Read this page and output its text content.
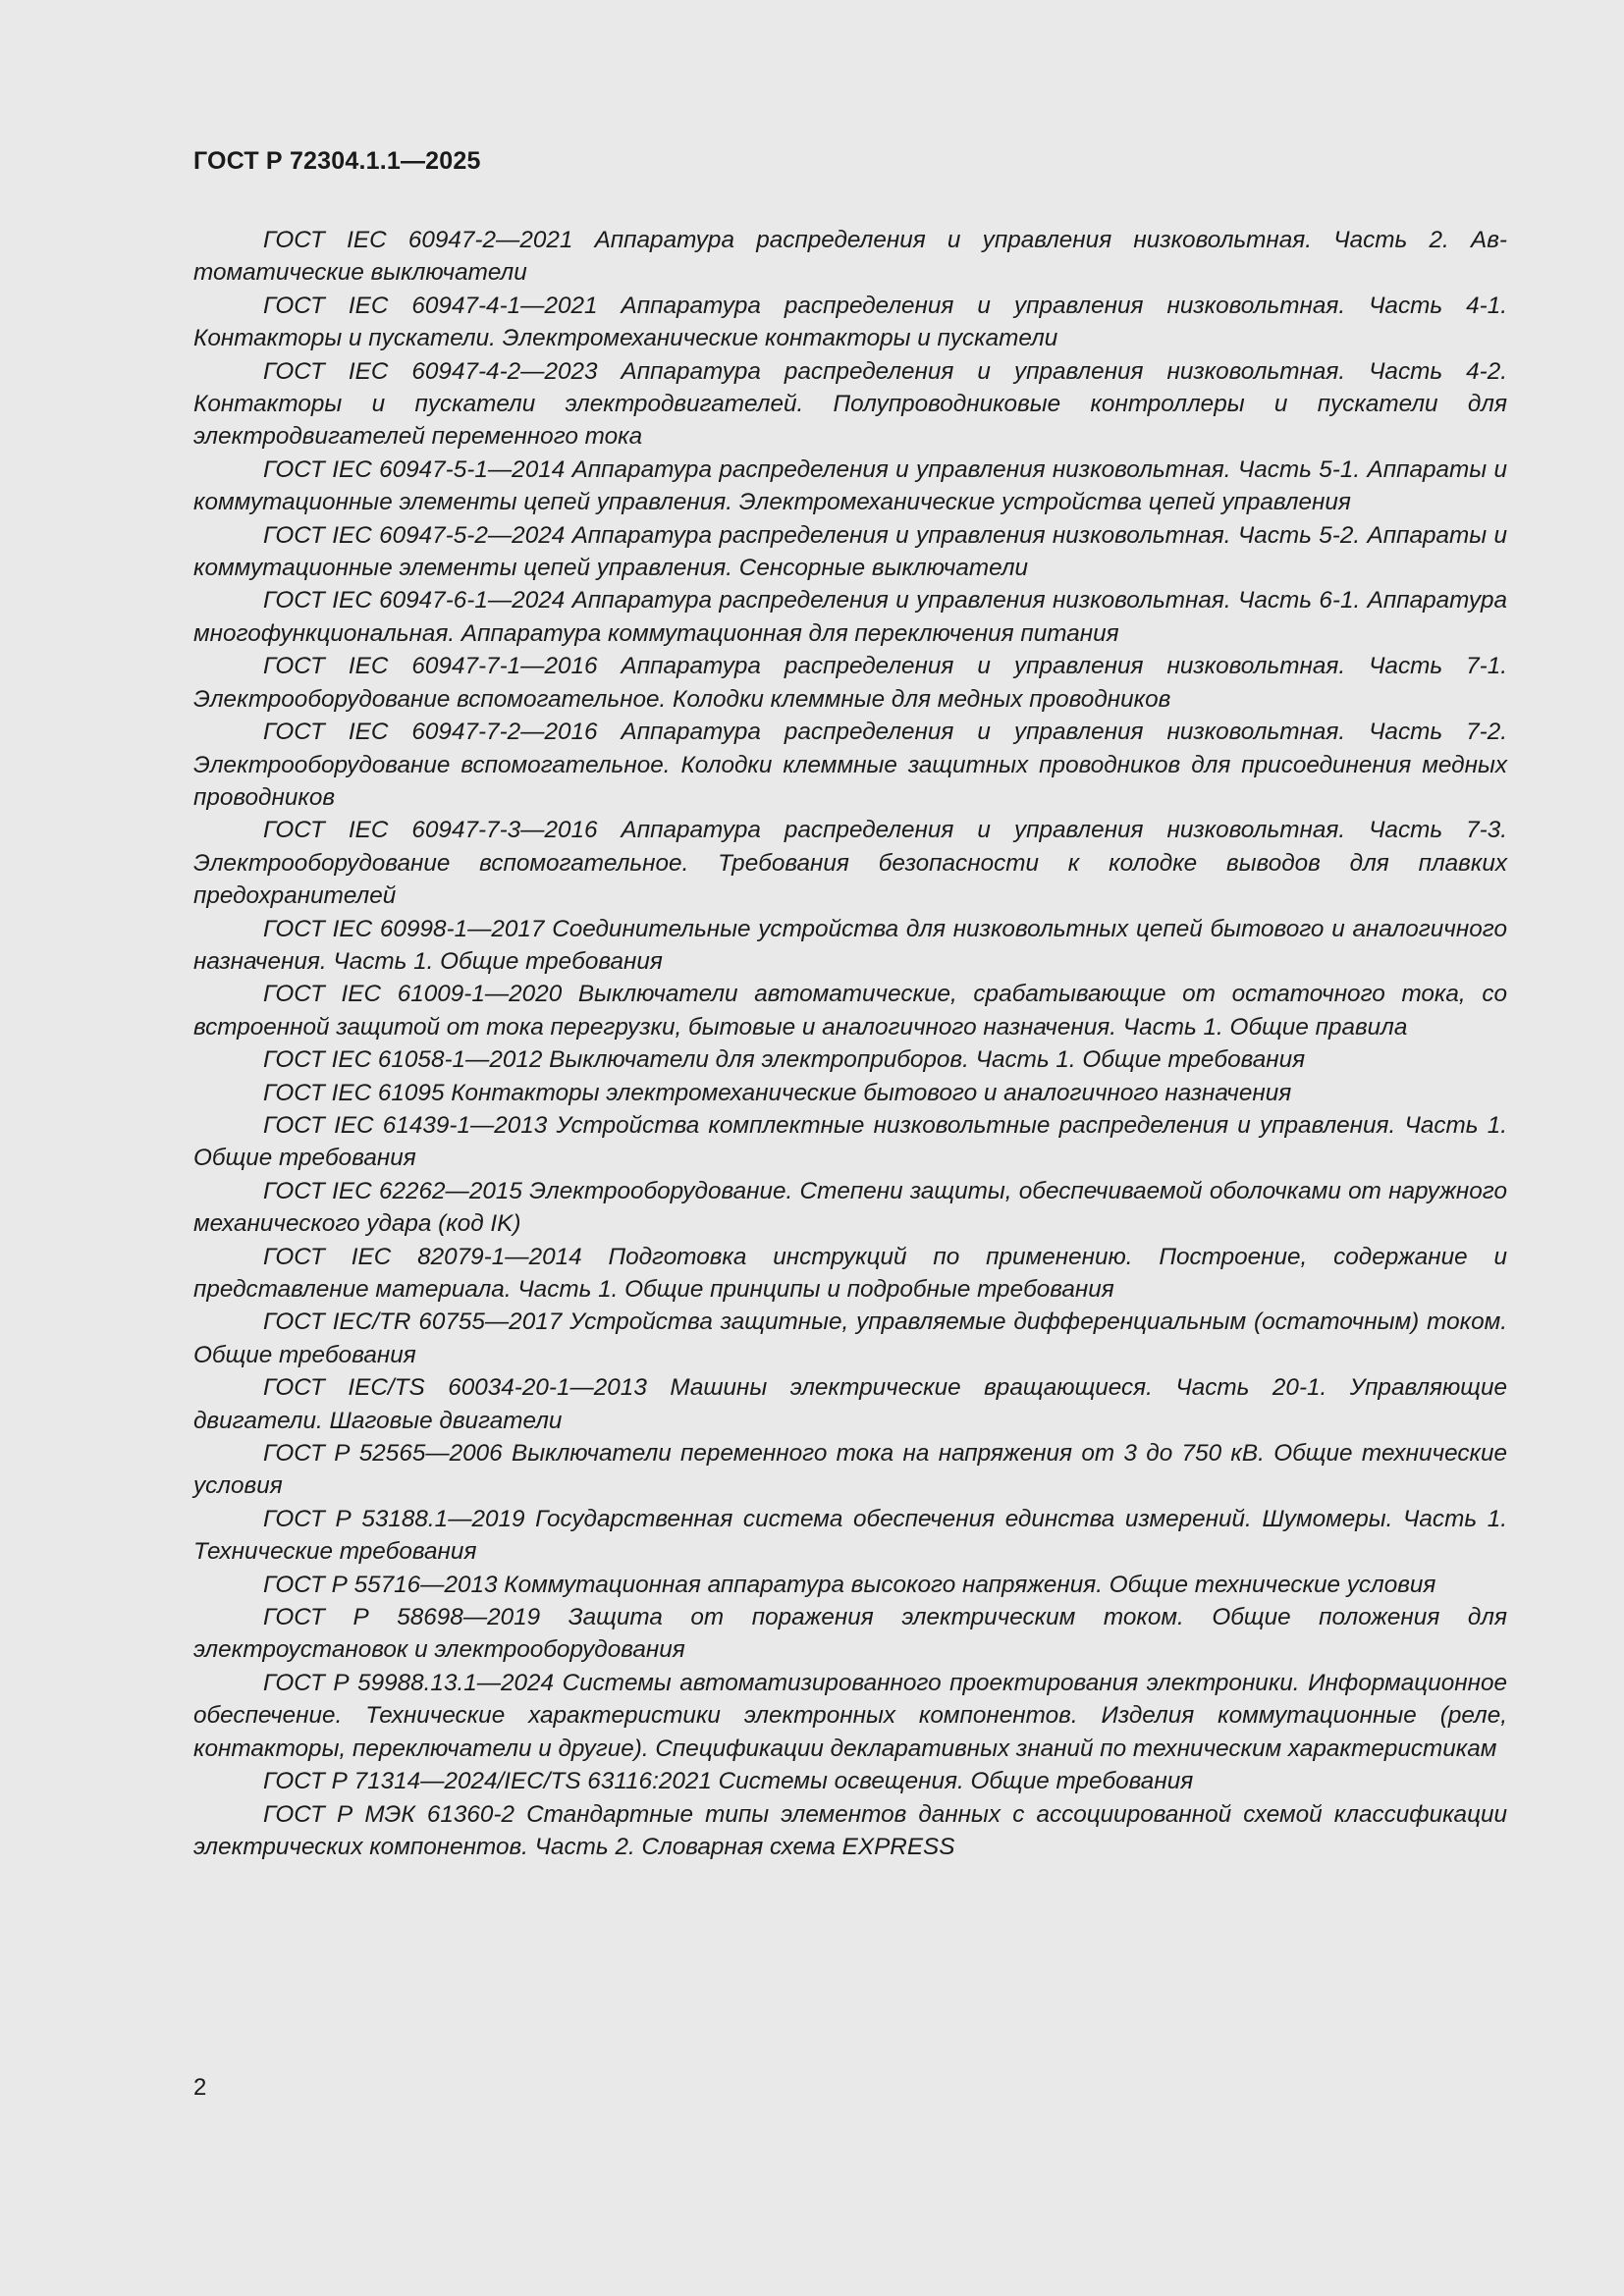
ГОСТ Р 72304.1.1—2025
ГОСТ IEC 60947-2—2021 Аппаратура распределения и управления низковольтная. Часть 2. Автоматические выключатели
ГОСТ IEC 60947-4-1—2021 Аппаратура распределения и управления низковольтная. Часть 4-1. Контакторы и пускатели. Электромеханические контакторы и пускатели
ГОСТ IEC 60947-4-2—2023 Аппаратура распределения и управления низковольтная. Часть 4-2. Контакторы и пускатели электродвигателей. Полупроводниковые контроллеры и пускатели для электродвигателей переменного тока
ГОСТ IEC 60947-5-1—2014 Аппаратура распределения и управления низковольтная. Часть 5-1. Аппараты и коммутационные элементы цепей управления. Электромеханические устройства цепей управления
ГОСТ IEC 60947-5-2—2024 Аппаратура распределения и управления низковольтная. Часть 5-2. Аппараты и коммутационные элементы цепей управления. Сенсорные выключатели
ГОСТ IEC 60947-6-1—2024 Аппаратура распределения и управления низковольтная. Часть 6-1. Аппаратура многофункциональная. Аппаратура коммутационная для переключения питания
ГОСТ IEC 60947-7-1—2016 Аппаратура распределения и управления низковольтная. Часть 7-1. Электрооборудование вспомогательное. Колодки клеммные для медных проводников
ГОСТ IEC 60947-7-2—2016 Аппаратура распределения и управления низковольтная. Часть 7-2. Электрооборудование вспомогательное. Колодки клеммные защитных проводников для присоединения медных проводников
ГОСТ IEC 60947-7-3—2016 Аппаратура распределения и управления низковольтная. Часть 7-3. Электрооборудование вспомогательное. Требования безопасности к колодке выводов для плавких предохранителей
ГОСТ IEC 60998-1—2017 Соединительные устройства для низковольтных цепей бытового и аналогичного назначения. Часть 1. Общие требования
ГОСТ IEC 61009-1—2020 Выключатели автоматические, срабатывающие от остаточного тока, со встроенной защитой от тока перегрузки, бытовые и аналогичного назначения. Часть 1. Общие правила
ГОСТ IEC 61058-1—2012 Выключатели для электроприборов. Часть 1. Общие требования
ГОСТ IEC 61095 Контакторы электромеханические бытового и аналогичного назначения
ГОСТ IEC 61439-1—2013 Устройства комплектные низковольтные распределения и управления. Часть 1. Общие требования
ГОСТ IEC 62262—2015 Электрооборудование. Степени защиты, обеспечиваемой оболочками от наружного механического удара (код IK)
ГОСТ IEC 82079-1—2014 Подготовка инструкций по применению. Построение, содержание и представление материала. Часть 1. Общие принципы и подробные требования
ГОСТ IEC/TR 60755—2017 Устройства защитные, управляемые дифференциальным (остаточным) током. Общие требования
ГОСТ IEC/TS 60034-20-1—2013 Машины электрические вращающиеся. Часть 20-1. Управляющие двигатели. Шаговые двигатели
ГОСТ Р 52565—2006 Выключатели переменного тока на напряжения от 3 до 750 кВ. Общие технические условия
ГОСТ Р 53188.1—2019 Государственная система обеспечения единства измерений. Шумомеры. Часть 1. Технические требования
ГОСТ Р 55716—2013 Коммутационная аппаратура высокого напряжения. Общие технические условия
ГОСТ Р 58698—2019 Защита от поражения электрическим током. Общие положения для электроустановок и электрооборудования
ГОСТ Р 59988.13.1—2024 Системы автоматизированного проектирования электроники. Информационное обеспечение. Технические характеристики электронных компонентов. Изделия коммутационные (реле, контакторы, переключатели и другие). Спецификации декларативных знаний по техническим характеристикам
ГОСТ Р 71314—2024/IEC/TS 63116:2021 Системы освещения. Общие требования
ГОСТ Р МЭК 61360-2 Стандартные типы элементов данных с ассоциированной схемой классификации электрических компонентов. Часть 2. Словарная схема EXPRESS
2
